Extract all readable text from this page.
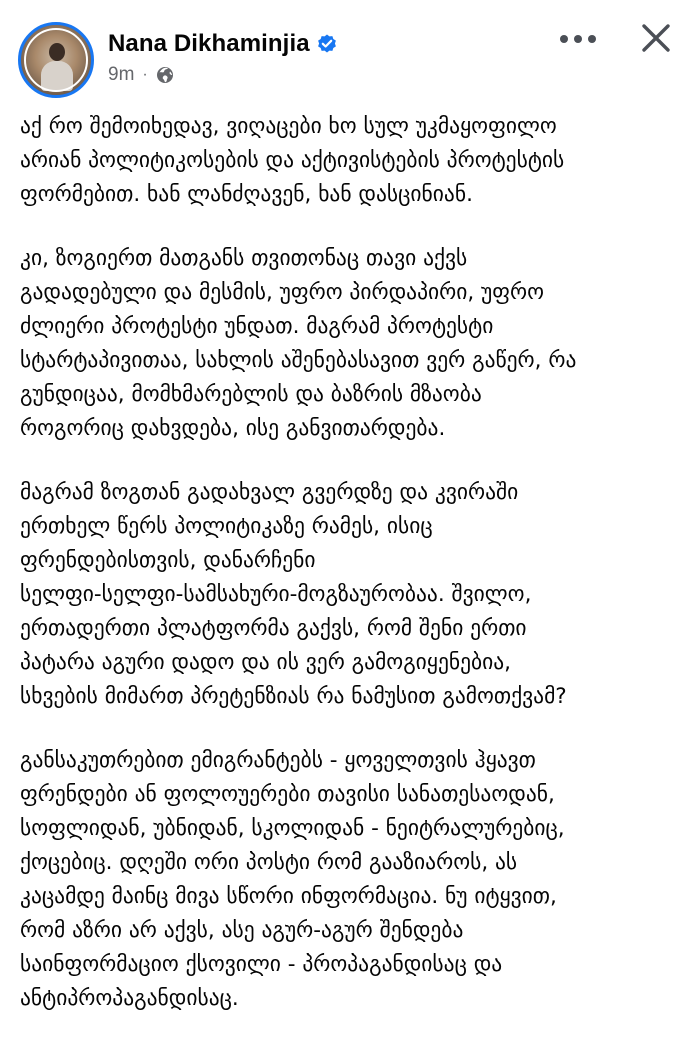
Nana Dikhaminjia
9m ·

აქ რო შემოიხედავ, ვიღაცები ხო სულ უკმაყოფილო
არიან პოლიტიკოსების და აქტივისტების პროტესტის
ფორმებით. ხან ლანძღავენ, ხან დასცინიან.

კი, ზოგიერთ მათგანს თვითონაც თავი აქვს
გადადებული და მესმის, უფრო პირდაპირი, უფრო
ძლიერი პროტესტი უნდათ. მაგრამ პროტესტი
სტარტაპივითაა, სახლის აშენებასავით ვერ გაწერ, რა
გუნდიცაა, მომხმარებლის და ბაზრის მზაობა
როგორიც დახვდება, ისე განვითარდება.

მაგრამ ზოგთან გადახვალ გვერდზე და კვირაში
ერთხელ წერს პოლიტიკაზე რამეს, ისიც
ფრენდებისთვის, დანარჩენი
სელფი-სელფი-სამსახური-მოგზაურობაა. შვილო,
ერთადერთი პლატფორმა გაქვს, რომ შენი ერთი
პატარა აგური დადო და ის ვერ გამოგიყენებია,
სხვების მიმართ პრეტენზიას რა ნამუსით გამოთქვამ?

განსაკუთრებით ემიგრანტებს - ყოველთვის ჰყავთ
ფრენდები ან ფოლოუერები თავისი სანათესაოდან,
სოფლიდან, უბნიდან, სკოლიდან - ნეიტრალურებიც,
ქოცებიც. დღეში ორი პოსტი რომ გააზიაროს, ას
კაცამდე მაინც მივა სწორი ინფორმაცია. ნუ იტყვით,
რომ აზრი არ აქვს, ასე აგურ-აგურ შენდება
საინფორმაციო ქსოვილი - პროპაგანდისაც და
ანტიპროპაგანდისაც.
